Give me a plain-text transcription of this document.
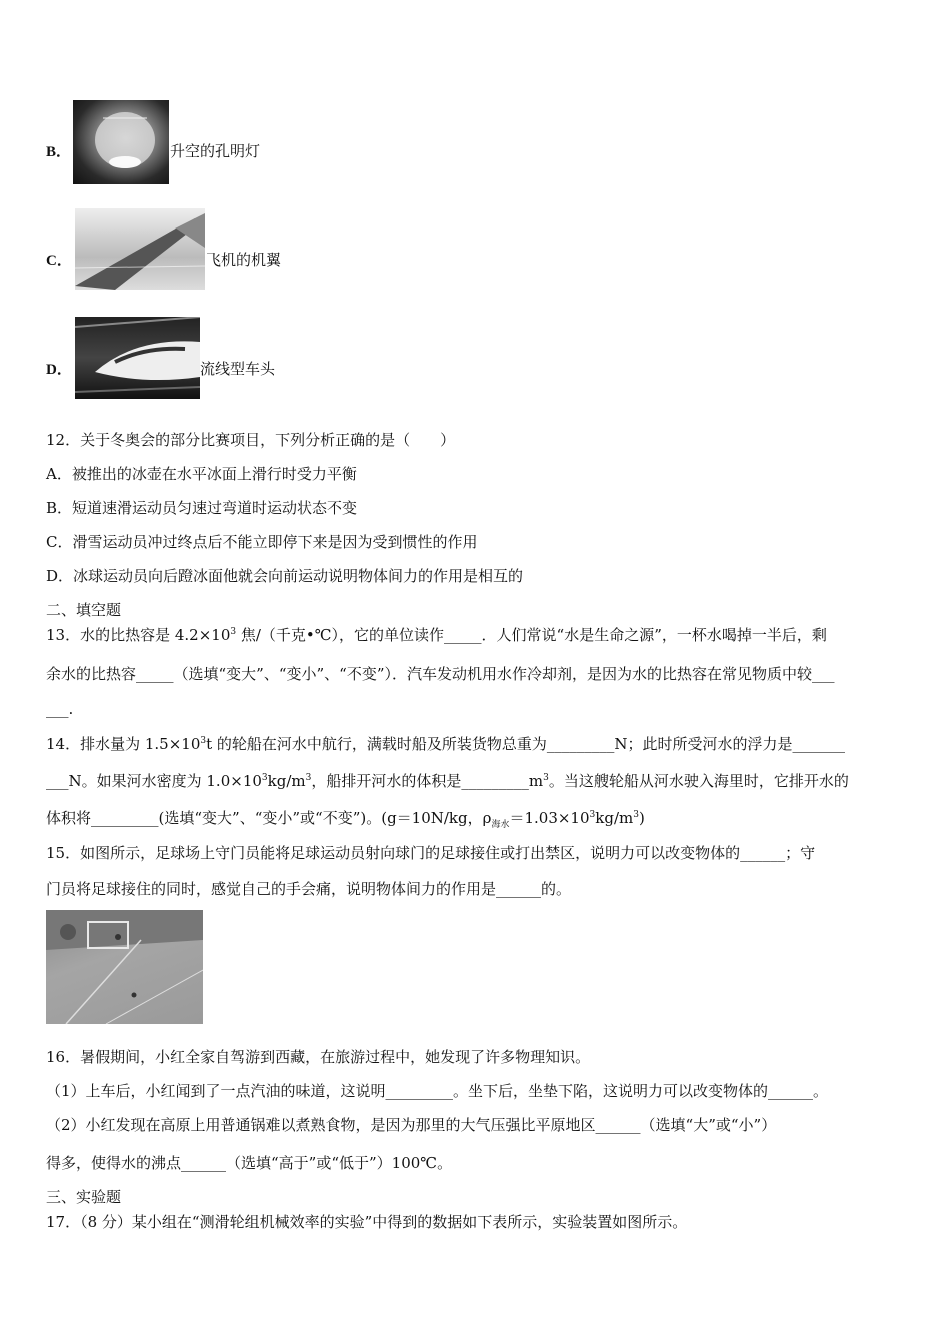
B．	升空的孔明灯
C．	飞机的机翼
D．	流线型车头
12．关于冬奥会的部分比赛项目，下列分析正确的是（　　）
A．被推出的冰壶在水平冰面上滑行时受力平衡
B．短道速滑运动员匀速过弯道时运动状态不变
C．滑雪运动员冲过终点后不能立即停下来是因为受到惯性的作用
D．冰球运动员向后蹬冰面他就会向前运动说明物体间力的作用是相互的
二、填空题
13．水的比热容是 $4.2\times 10^3$ 焦/（千克•℃），它的单位读作_____．人们常说“水是生命之源”，一杯水喝掉一半后，剩
余水的比热容_____（选填“变大”、“变小”、“不变”）．汽车发动机用水作冷却剂，是因为水的比热容在常见物质中较___
___.
14．排水量为 $1.5\times 10^3t$ 的轮船在河水中航行，满载时船及所装货物总重为_________N；此时所受河水的浮力是_______
___N。如果河水密度为 $1.0\times 10^3kg/m^3$，船排开河水的体积是$\_\_\_\_\_\_\_\_\_m^3$。当这艘轮船从河水驶入海里时，它排开水的
体积将_________(选填“变大”、“变小”或“不变”)。(g＝10N/kg，$\rho_{海水}=1.03\times 10^3kg/m^3$)
15．如图所示，足球场上守门员能将足球运动员射向球门的足球接住或打出禁区，说明力可以改变物体的______；守
门员将足球接住的同时，感觉自己的手会痛，说明物体间力的作用是______的。
16．暑假期间，小红全家自驾游到西藏，在旅游过程中，她发现了许多物理知识。
（1）上车后，小红闻到了一点汽油的味道，这说明_________。坐下后，坐垫下陷，这说明力可以改变物体的______。
（2）小红发现在高原上用普通锅难以煮熟食物，是因为那里的大气压强比平原地区______（选填“大”或“小”）
得多，使得水的沸点______（选填“高于”或“低于”）100℃。
三、实验题
17．（8 分）某小组在“测滑轮组机械效率的实验”中得到的数据如下表所示，实验装置如图所示。
